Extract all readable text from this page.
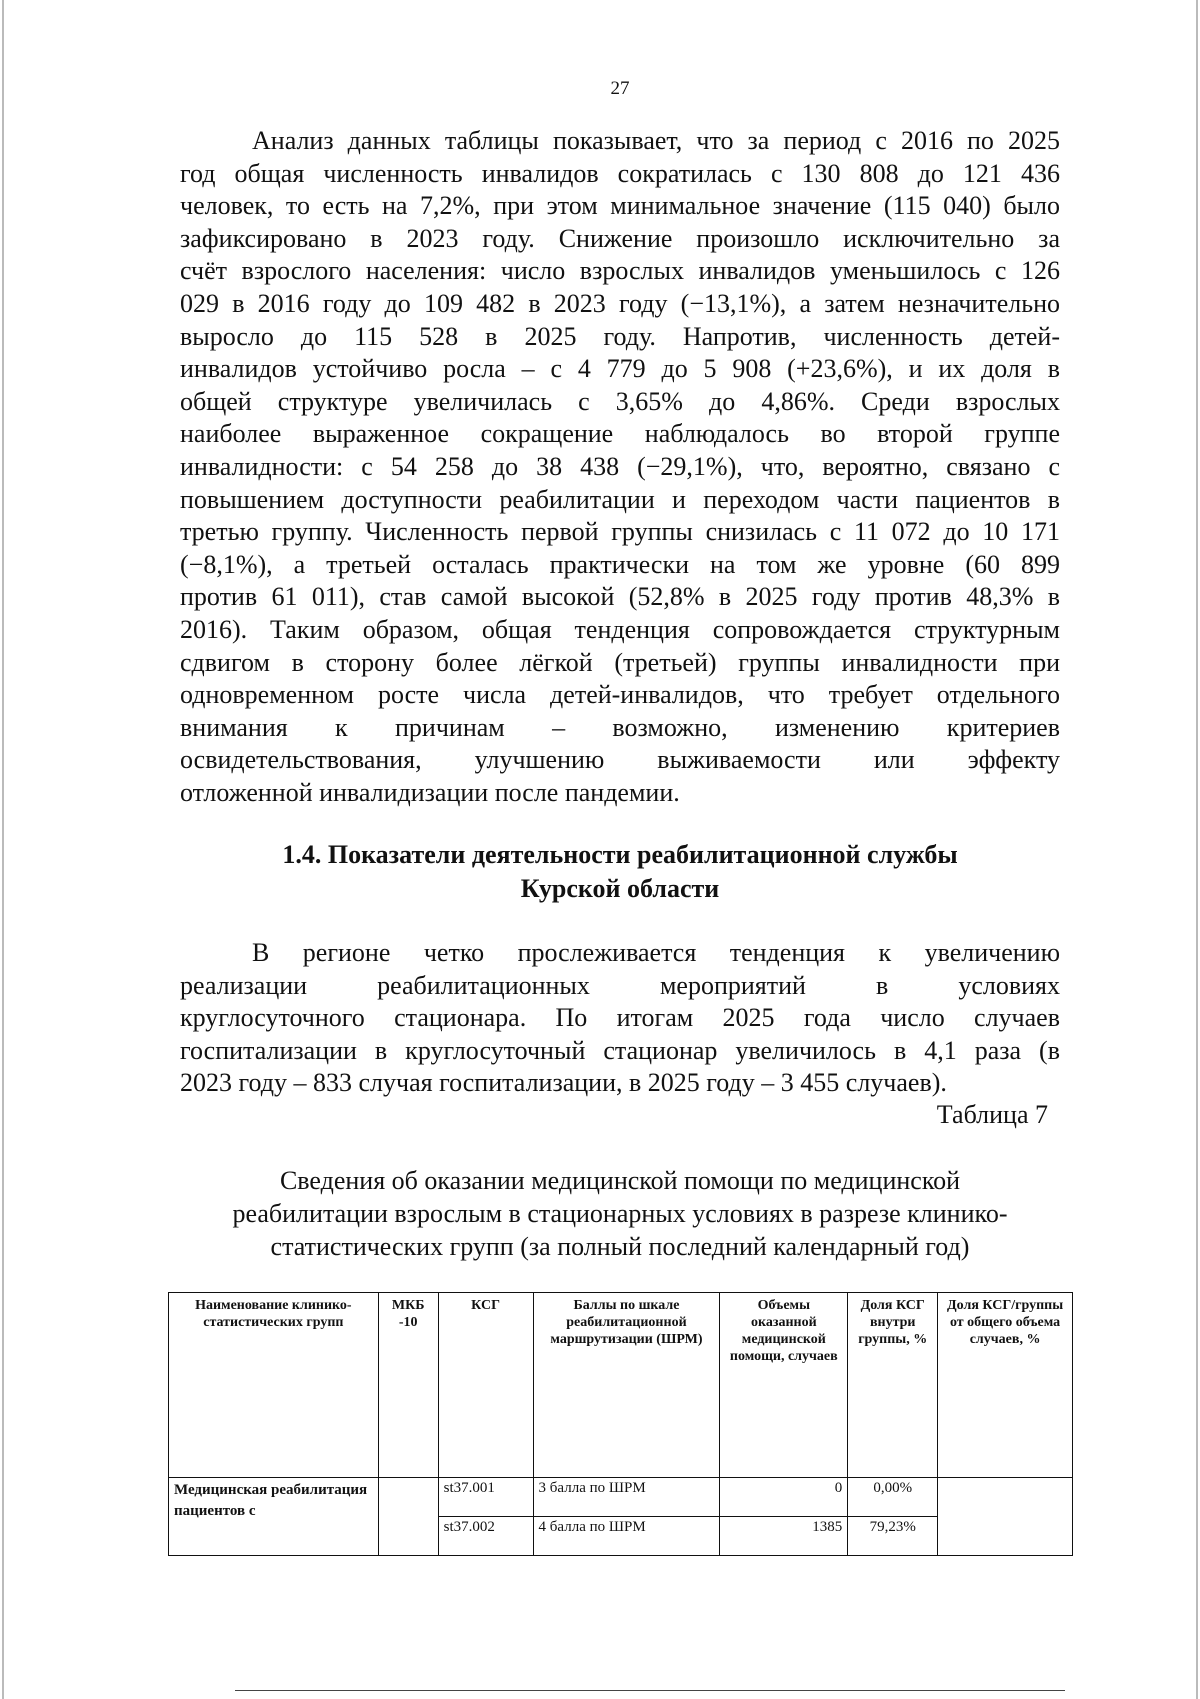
27
Анализ данных таблицы показывает, что за период с 2016 по 2025
год общая численность инвалидов сократилась с 130 808 до 121 436
человек, то есть на 7,2%, при этом минимальное значение (115 040) было
зафиксировано в 2023 году. Снижение произошло исключительно за
счёт взрослого населения: число взрослых инвалидов уменьшилось с 126
029 в 2016 году до 109 482 в 2023 году (−13,1%), а затем незначительно
выросло до 115 528 в 2025 году. Напротив, численность детей-
инвалидов устойчиво росла – с 4 779 до 5 908 (+23,6%), и их доля в
общей структуре увеличилась с 3,65% до 4,86%. Среди взрослых
наиболее выраженное сокращение наблюдалось во второй группе
инвалидности: с 54 258 до 38 438 (−29,1%), что, вероятно, связано с
повышением доступности реабилитации и переходом части пациентов в
третью группу. Численность первой группы снизилась с 11 072 до 10 171
(−8,1%), а третьей осталась практически на том же уровне (60 899
против 61 011), став самой высокой (52,8% в 2025 году против 48,3% в
2016). Таким образом, общая тенденция сопровождается структурным
сдвигом в сторону более лёгкой (третьей) группы инвалидности при
одновременном росте числа детей-инвалидов, что требует отдельного
внимания к причинам – возможно, изменению критериев
освидетельствования, улучшению выживаемости или эффекту
отложенной инвалидизации после пандемии.
1.4. Показатели деятельности реабилитационной службы
Курской области
В регионе четко прослеживается тенденция к увеличению
реализации реабилитационных мероприятий в условиях
круглосуточного стационара. По итогам 2025 года число случаев
госпитализации в круглосуточный стационар увеличилось в 4,1 раза (в
2023 году – 833 случая госпитализации, в 2025 году – 3 455 случаев).
Таблица 7
Сведения об оказании медицинской помощи по медицинской
реабилитации взрослым в стационарных условиях в разрезе клинико-
статистических групп (за полный последний календарный год)
Наименование клинико-статистических групп	МКБ -10	КСГ	Баллы по шкале реабилитационной маршрутизации (ШРМ)	Объемы оказанной медицинской помощи, случаев	Доля КСГ внутри группы, %	Доля КСГ/группы от общего объема случаев, %
Медицинская реабилитация пациентов с		st37.001	3 балла по ШРМ	0	0,00%	
		st37.002	4 балла по ШРМ	1385	79,23%	
